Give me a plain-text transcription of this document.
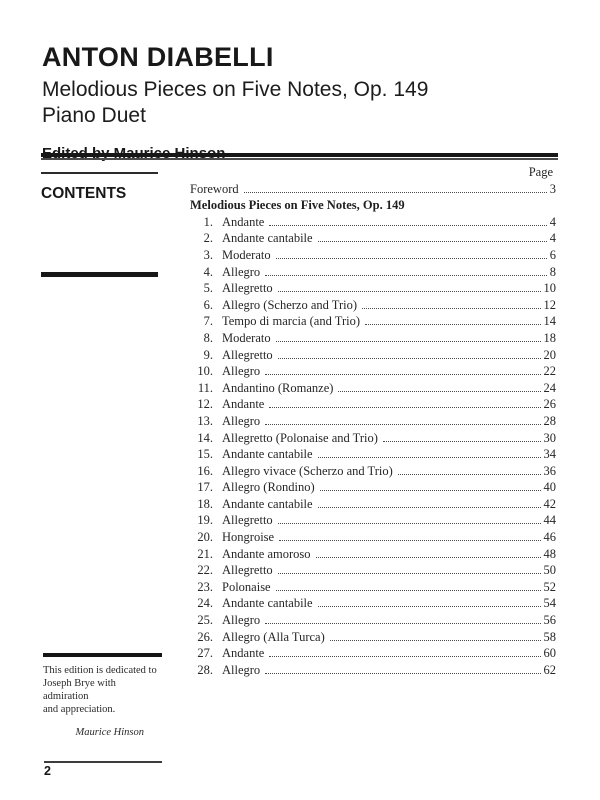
ANTON DIABELLI
Melodious Pieces on Five Notes, Op. 149
Piano Duet
CONTENTS
Page
Foreword	3
Melodious Pieces on Five Notes, Op. 149
1. Andante	4
2. Andante cantabile	4
3. Moderato	6
4. Allegro	8
5. Allegretto	10
6. Allegro (Scherzo and Trio)	12
7. Tempo di marcia (and Trio)	14
8. Moderato	18
9. Allegretto	20
10. Allegro	22
11. Andantino (Romanze)	24
12. Andante	26
13. Allegro	28
14. Allegretto (Polonaise and Trio)	30
15. Andante cantabile	34
16. Allegro vivace (Scherzo and Trio)	36
17. Allegro (Rondino)	40
18. Andante cantabile	42
19. Allegretto	44
20. Hongroise	46
21. Andante amoroso	48
22. Allegretto	50
23. Polonaise	52
24. Andante cantabile	54
25. Allegro	56
26. Allegro (Alla Turca)	58
27. Andante	60
28. Allegro	62
This edition is dedicated to
Joseph Brye with admiration
and appreciation.
Maurice Hinson
2
